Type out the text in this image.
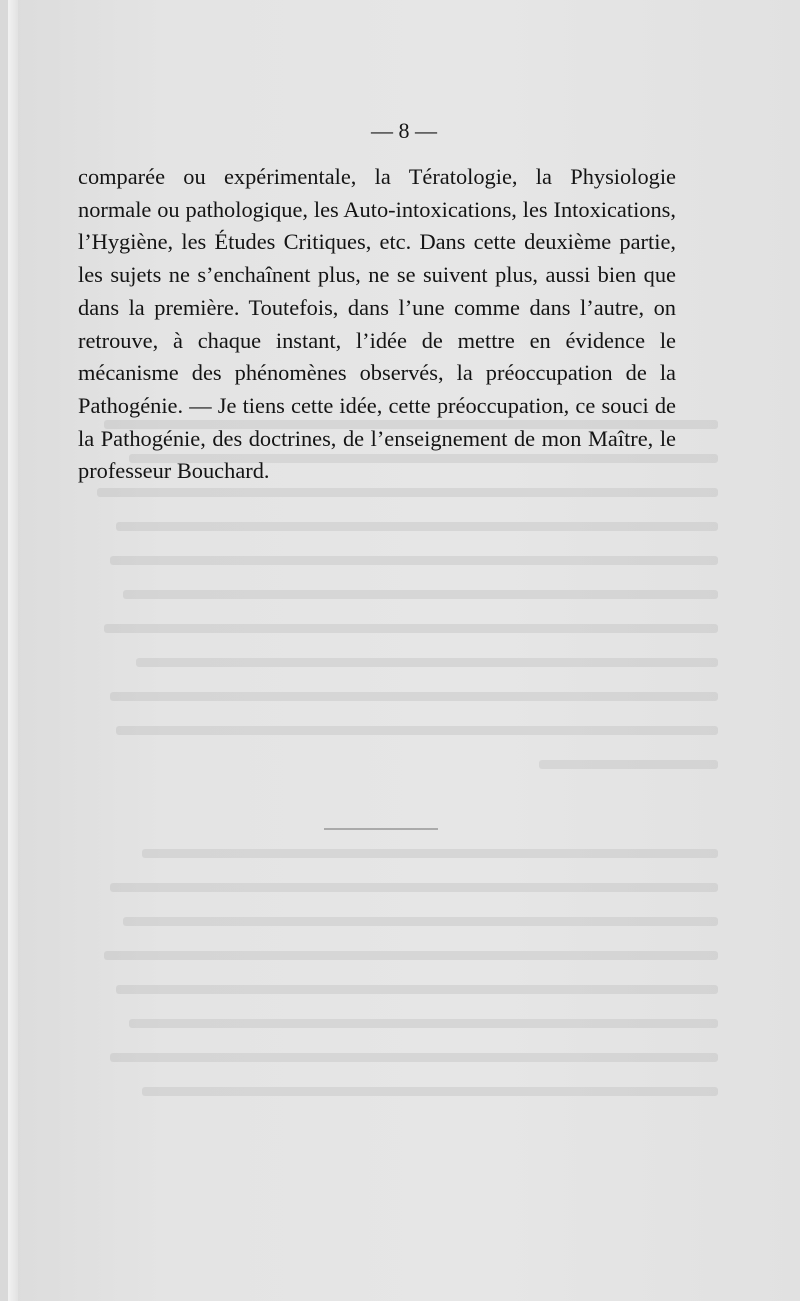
— 8 —

comparée ou expérimentale, la Tératologie, la Physiologie normale ou pathologique, les Auto-intoxications, les Intoxications, l’Hygiène, les Études Critiques, etc. Dans cette deuxième partie, les sujets ne s’enchaînent plus, ne se suivent plus, aussi bien que dans la première. Toutefois, dans l’une comme dans l’autre, on retrouve, à chaque instant, l’idée de mettre en évidence le mécanisme des phénomènes observés, la préoccupation de la Pathogénie. — Je tiens cette idée, cette préoccupation, ce souci de la Pathogénie, des doctrines, de l’enseignement de mon Maître, le professeur Bouchard.
